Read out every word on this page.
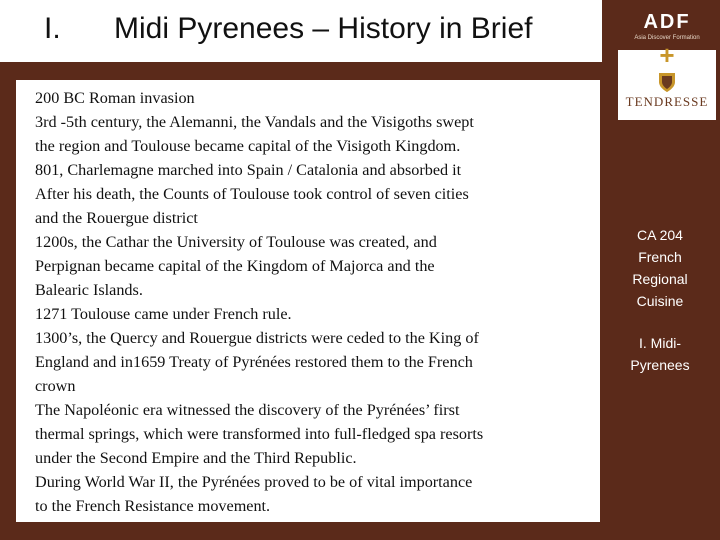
I. Midi Pyrenees – History in Brief
200 BC Roman invasion
3rd -5th century, the Alemanni, the Vandals and the Visigoths swept
the region and Toulouse became capital of the Visigoth Kingdom.
801, Charlemagne marched into Spain / Catalonia and absorbed it
After his death, the Counts of Toulouse took control of seven cities
and the Rouergue district
1200s, the Cathar the University of Toulouse was created, and
Perpignan became capital of the Kingdom of Majorca and the
Balearic Islands.
1271 Toulouse came under French rule.
1300’s, the Quercy and Rouergue districts were ceded to the King of
England and in1659 Treaty of Pyrénées restored them to the French
crown
The Napoléonic era witnessed the discovery of the Pyrénées’ first
thermal springs, which were transformed into full-fledged spa resorts
under the Second Empire and the Third Republic.
During World War II, the Pyrénées proved to be of vital importance
to the French Resistance movement.
ADF
Asia Discover Formation
+
TENDRESSE
CA 204
French
Regional
Cuisine
I. Midi-
Pyrenees
